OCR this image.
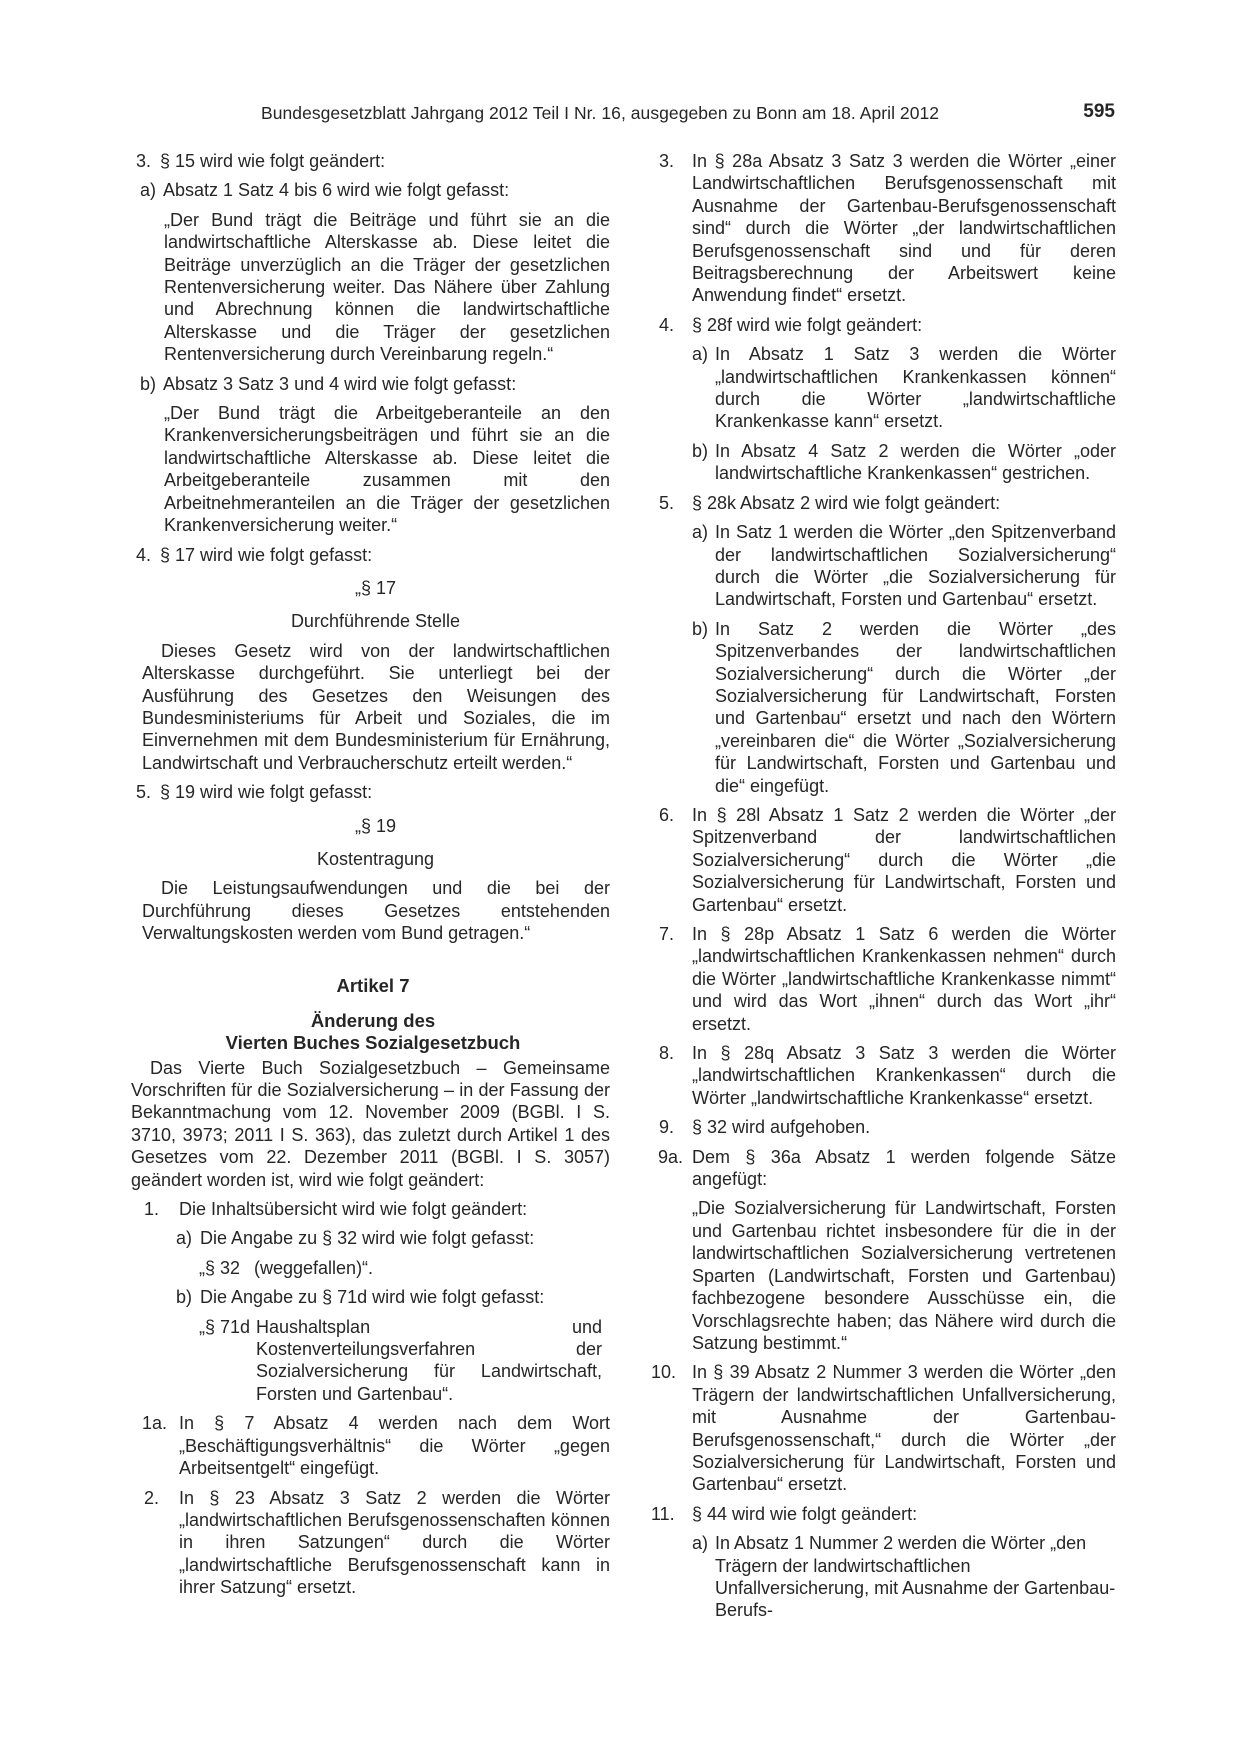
Bundesgesetzblatt Jahrgang 2012 Teil I Nr. 16, ausgegeben zu Bonn am 18. April 2012	595
3. § 15 wird wie folgt geändert:
a) Absatz 1 Satz 4 bis 6 wird wie folgt gefasst:
„Der Bund trägt die Beiträge und führt sie an die landwirtschaftliche Alterskasse ab. Diese leitet die Beiträge unverzüglich an die Träger der gesetzlichen Rentenversicherung weiter. Das Nähere über Zahlung und Abrechnung können die landwirtschaftliche Alterskasse und die Träger der gesetzlichen Rentenversicherung durch Vereinbarung regeln.“
b) Absatz 3 Satz 3 und 4 wird wie folgt gefasst:
„Der Bund trägt die Arbeitgeberanteile an den Krankenversicherungsbeiträgen und führt sie an die landwirtschaftliche Alterskasse ab. Diese leitet die Arbeitgeberanteile zusammen mit den Arbeitnehmeranteilen an die Träger der gesetzlichen Krankenversicherung weiter.“
4. § 17 wird wie folgt gefasst:
„§ 17
Durchführende Stelle
Dieses Gesetz wird von der landwirtschaftlichen Alterskasse durchgeführt. Sie unterliegt bei der Ausführung des Gesetzes den Weisungen des Bundesministeriums für Arbeit und Soziales, die im Einvernehmen mit dem Bundesministerium für Ernährung, Landwirtschaft und Verbraucherschutz erteilt werden.“
5. § 19 wird wie folgt gefasst:
„§ 19
Kostentragung
Die Leistungsaufwendungen und die bei der Durchführung dieses Gesetzes entstehenden Verwaltungskosten werden vom Bund getragen.“
Artikel 7
Änderung des
Vierten Buches Sozialgesetzbuch
Das Vierte Buch Sozialgesetzbuch – Gemeinsame Vorschriften für die Sozialversicherung – in der Fassung der Bekanntmachung vom 12. November 2009 (BGBl. I S. 3710, 3973; 2011 I S. 363), das zuletzt durch Artikel 1 des Gesetzes vom 22. Dezember 2011 (BGBl. I S. 3057) geändert worden ist, wird wie folgt geändert:
1.	Die Inhaltsübersicht wird wie folgt geändert:
a) Die Angabe zu § 32 wird wie folgt gefasst:
„§ 32 (weggefallen)“.
b) Die Angabe zu § 71d wird wie folgt gefasst:
„§ 71d Haushaltsplan und Kostenverteilungsverfahren der Sozialversicherung für Landwirtschaft, Forsten und Gartenbau“.
1a. In § 7 Absatz 4 werden nach dem Wort „Beschäftigungsverhältnis“ die Wörter „gegen Arbeitsentgelt“ eingefügt.
2.	In § 23 Absatz 3 Satz 2 werden die Wörter „landwirtschaftlichen Berufsgenossenschaften können in ihren Satzungen“ durch die Wörter „landwirtschaftliche Berufsgenossenschaft kann in ihrer Satzung“ ersetzt.
3. In § 28a Absatz 3 Satz 3 werden die Wörter „einer Landwirtschaftlichen Berufsgenossenschaft mit Ausnahme der Gartenbau-Berufsgenossenschaft sind“ durch die Wörter „der landwirtschaftlichen Berufsgenossenschaft sind und für deren Beitragsberechnung der Arbeitswert keine Anwendung findet“ ersetzt.
4. § 28f wird wie folgt geändert:
a) In Absatz 1 Satz 3 werden die Wörter „landwirtschaftlichen Krankenkassen können“ durch die Wörter „landwirtschaftliche Krankenkasse kann“ ersetzt.
b) In Absatz 4 Satz 2 werden die Wörter „oder landwirtschaftliche Krankenkassen“ gestrichen.
5. § 28k Absatz 2 wird wie folgt geändert:
a) In Satz 1 werden die Wörter „den Spitzenverband der landwirtschaftlichen Sozialversicherung“ durch die Wörter „die Sozialversicherung für Landwirtschaft, Forsten und Gartenbau“ ersetzt.
b) In Satz 2 werden die Wörter „des Spitzenverbandes der landwirtschaftlichen Sozialversicherung“ durch die Wörter „der Sozialversicherung für Landwirtschaft, Forsten und Gartenbau“ ersetzt und nach den Wörtern „vereinbaren die“ die Wörter „Sozialversicherung für Landwirtschaft, Forsten und Gartenbau und die“ eingefügt.
6. In § 28l Absatz 1 Satz 2 werden die Wörter „der Spitzenverband der landwirtschaftlichen Sozialversicherung“ durch die Wörter „die Sozialversicherung für Landwirtschaft, Forsten und Gartenbau“ ersetzt.
7. In § 28p Absatz 1 Satz 6 werden die Wörter „landwirtschaftlichen Krankenkassen nehmen“ durch die Wörter „landwirtschaftliche Krankenkasse nimmt“ und wird das Wort „ihnen“ durch das Wort „ihr“ ersetzt.
8. In § 28q Absatz 3 Satz 3 werden die Wörter „landwirtschaftlichen Krankenkassen“ durch die Wörter „landwirtschaftliche Krankenkasse“ ersetzt.
9. § 32 wird aufgehoben.
9a. Dem § 36a Absatz 1 werden folgende Sätze angefügt:
„Die Sozialversicherung für Landwirtschaft, Forsten und Gartenbau richtet insbesondere für die in der landwirtschaftlichen Sozialversicherung vertretenen Sparten (Landwirtschaft, Forsten und Gartenbau) fachbezogene besondere Ausschüsse ein, die Vorschlagsrechte haben; das Nähere wird durch die Satzung bestimmt.“
10. In § 39 Absatz 2 Nummer 3 werden die Wörter „den Trägern der landwirtschaftlichen Unfallversicherung, mit Ausnahme der Gartenbau-Berufsgenossenschaft,“ durch die Wörter „der Sozialversicherung für Landwirtschaft, Forsten und Gartenbau“ ersetzt.
11. § 44 wird wie folgt geändert:
a) In Absatz 1 Nummer 2 werden die Wörter „den Trägern der landwirtschaftlichen Unfallversicherung, mit Ausnahme der Gartenbau-Berufs-
